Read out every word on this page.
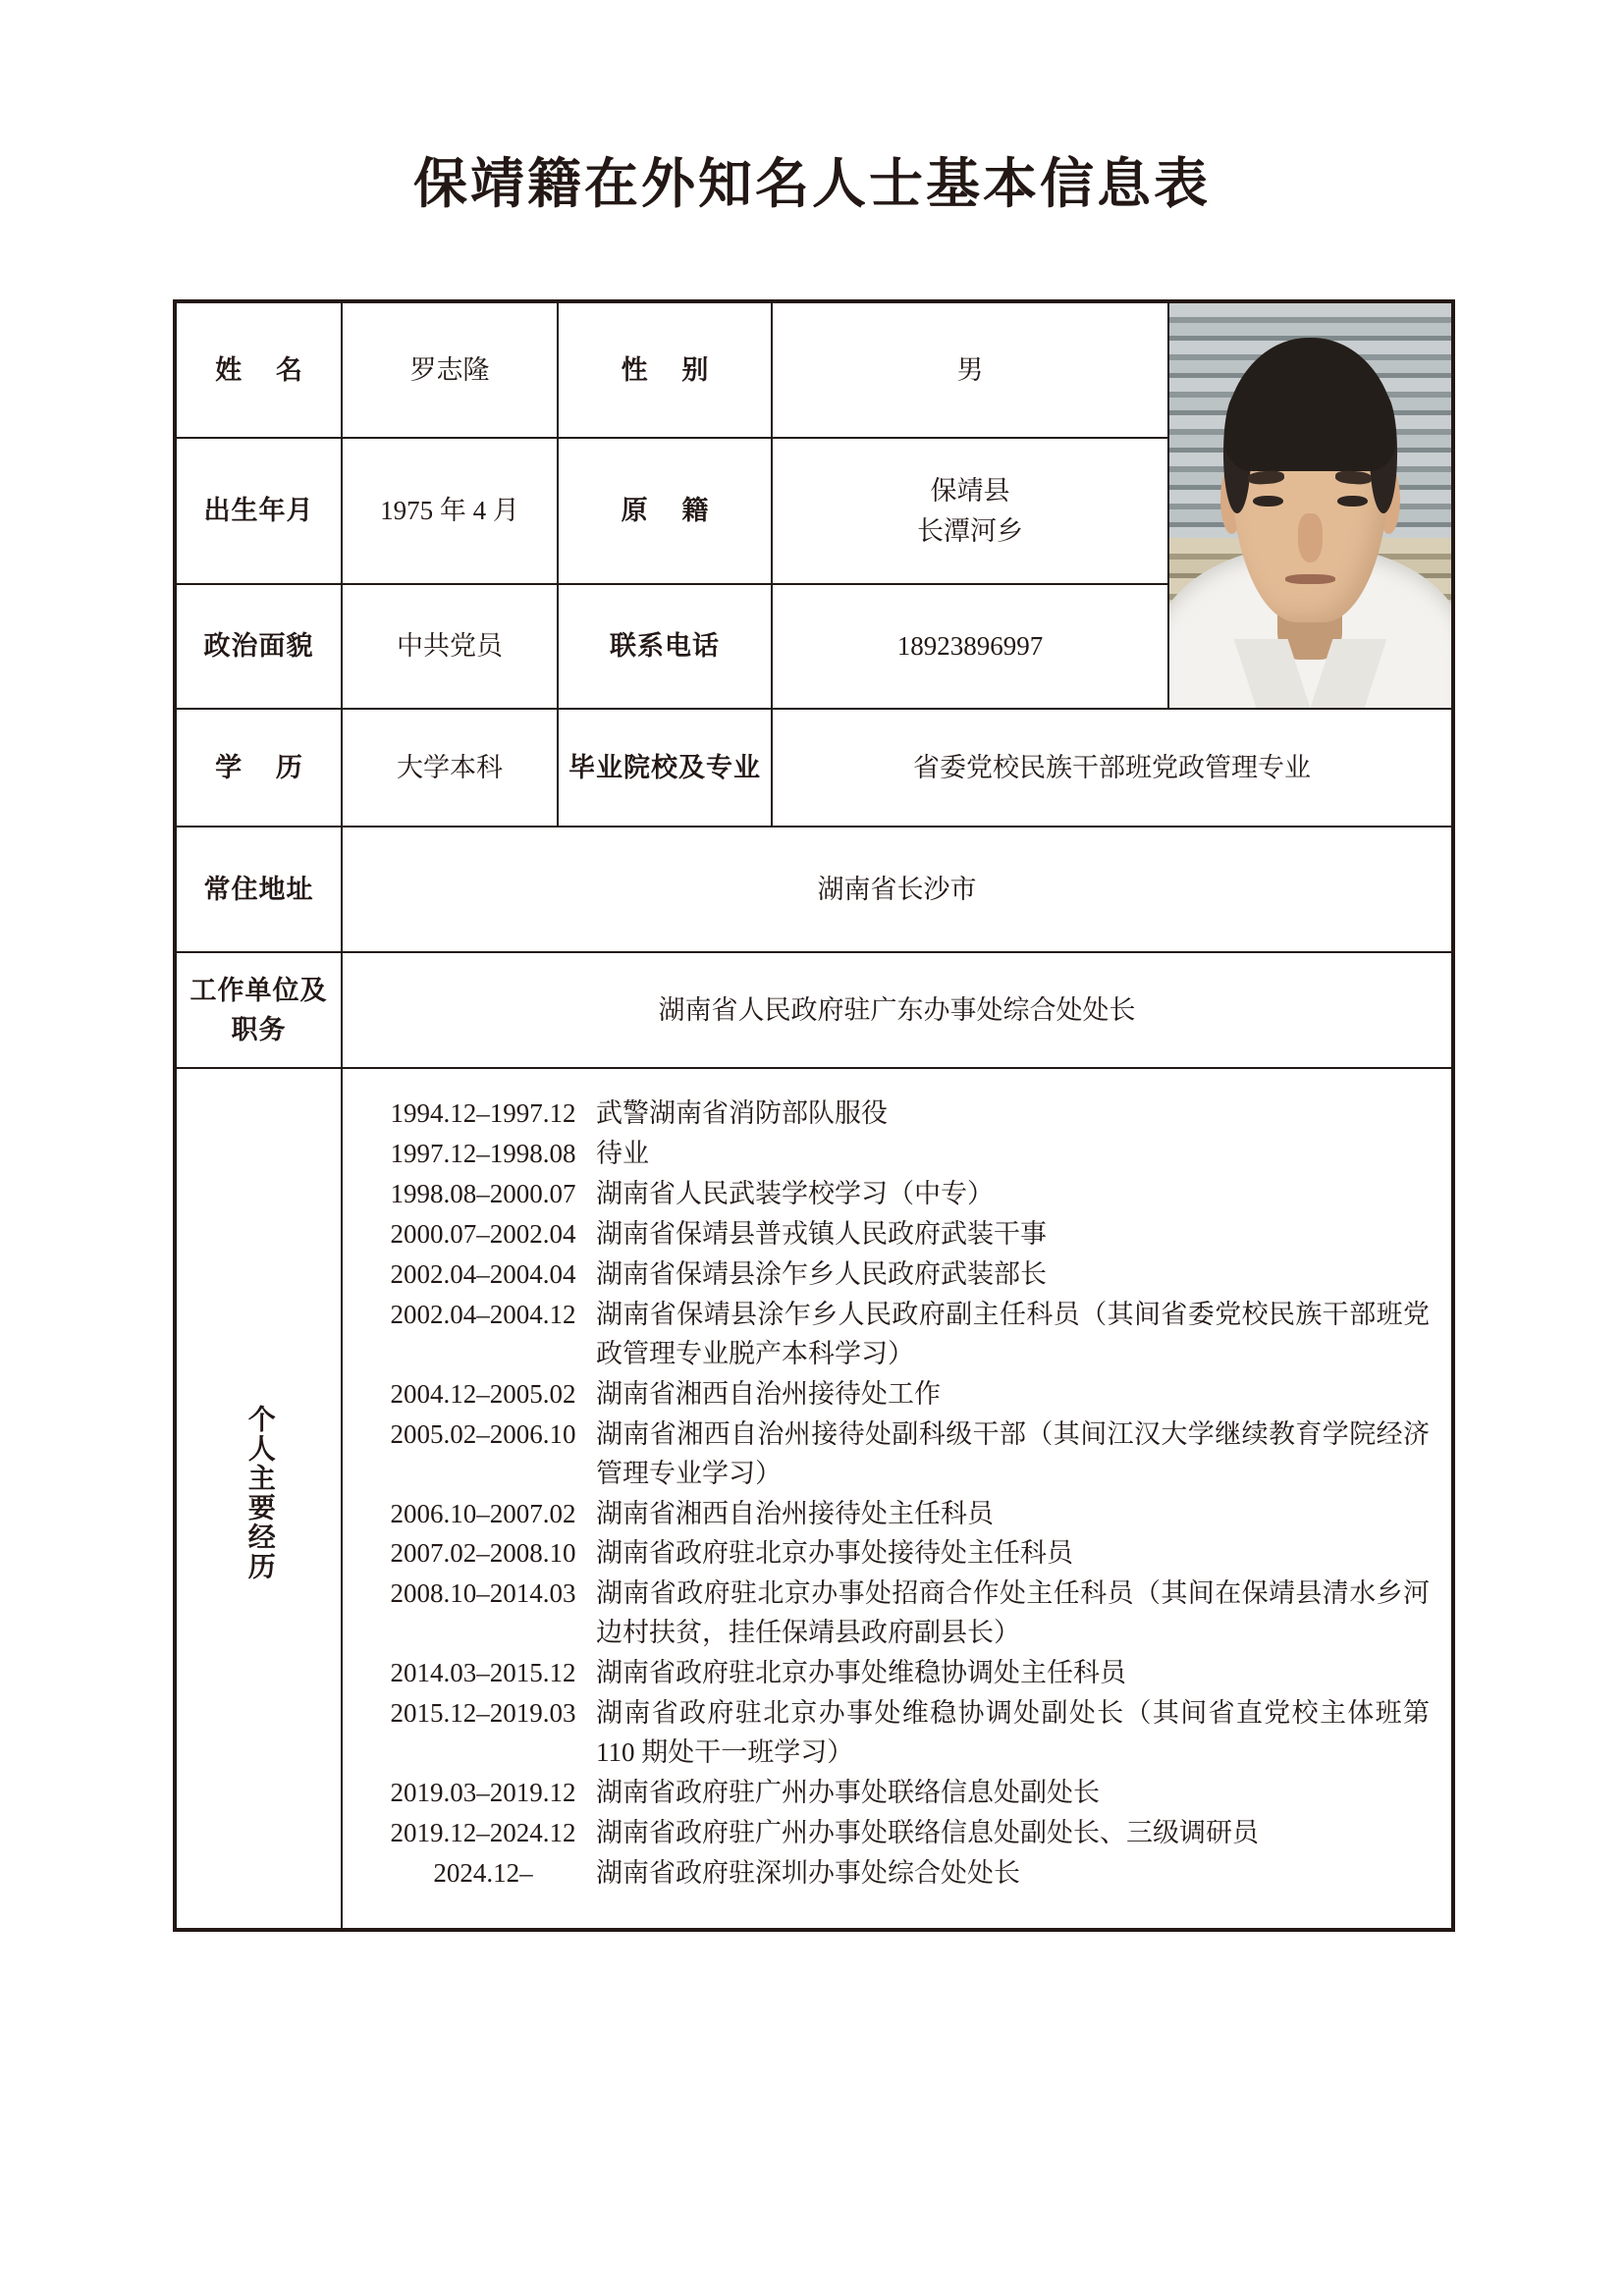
保靖籍在外知名人士基本信息表
姓 名	罗志隆	性 别	男	

出生年月	1975 年 4 月	原 籍	保靖县
长潭河乡	

政治面貌	中共党员	联系电话	18923896997	
学 历	大学本科	毕业院校及专业	省委党校民族干部班党政管理专业	
常住地址	湖南省长沙市			
工作单位及职务	湖南省人民政府驻广东办事处综合处处长			
个人主要经历	
1994.12–1997.12 武警湖南省消防部队服役
1997.12–1998.08 待业
1998.08–2000.07 湖南省人民武装学校学习（中专）
2000.07–2002.04 湖南省保靖县普戎镇人民政府武装干事
2002.04–2004.04 湖南省保靖县涂乍乡人民政府武装部长
2002.04–2004.12 湖南省保靖县涂乍乡人民政府副主任科员（其间省委党校民族干部班党政管理专业脱产本科学习）
2004.12–2005.02 湖南省湘西自治州接待处工作
2005.02–2006.10 湖南省湘西自治州接待处副科级干部（其间江汉大学继续教育学院经济管理专业学习）
2006.10–2007.02 湖南省湘西自治州接待处主任科员
2007.02–2008.10 湖南省政府驻北京办事处接待处主任科员
2008.10–2014.03 湖南省政府驻北京办事处招商合作处主任科员（其间在保靖县清水乡河边村扶贫，挂任保靖县政府副县长）
2014.03–2015.12 湖南省政府驻北京办事处维稳协调处主任科员
2015.12–2019.03 湖南省政府驻北京办事处维稳协调处副处长（其间省直党校主体班第 110 期处干一班学习）
2019.03–2019.12 湖南省政府驻广州办事处联络信息处副处长
2019.12–2024.12 湖南省政府驻广州办事处联络信息处副处长、三级调研员
2024.12–	湖南省政府驻深圳办事处综合处处长
